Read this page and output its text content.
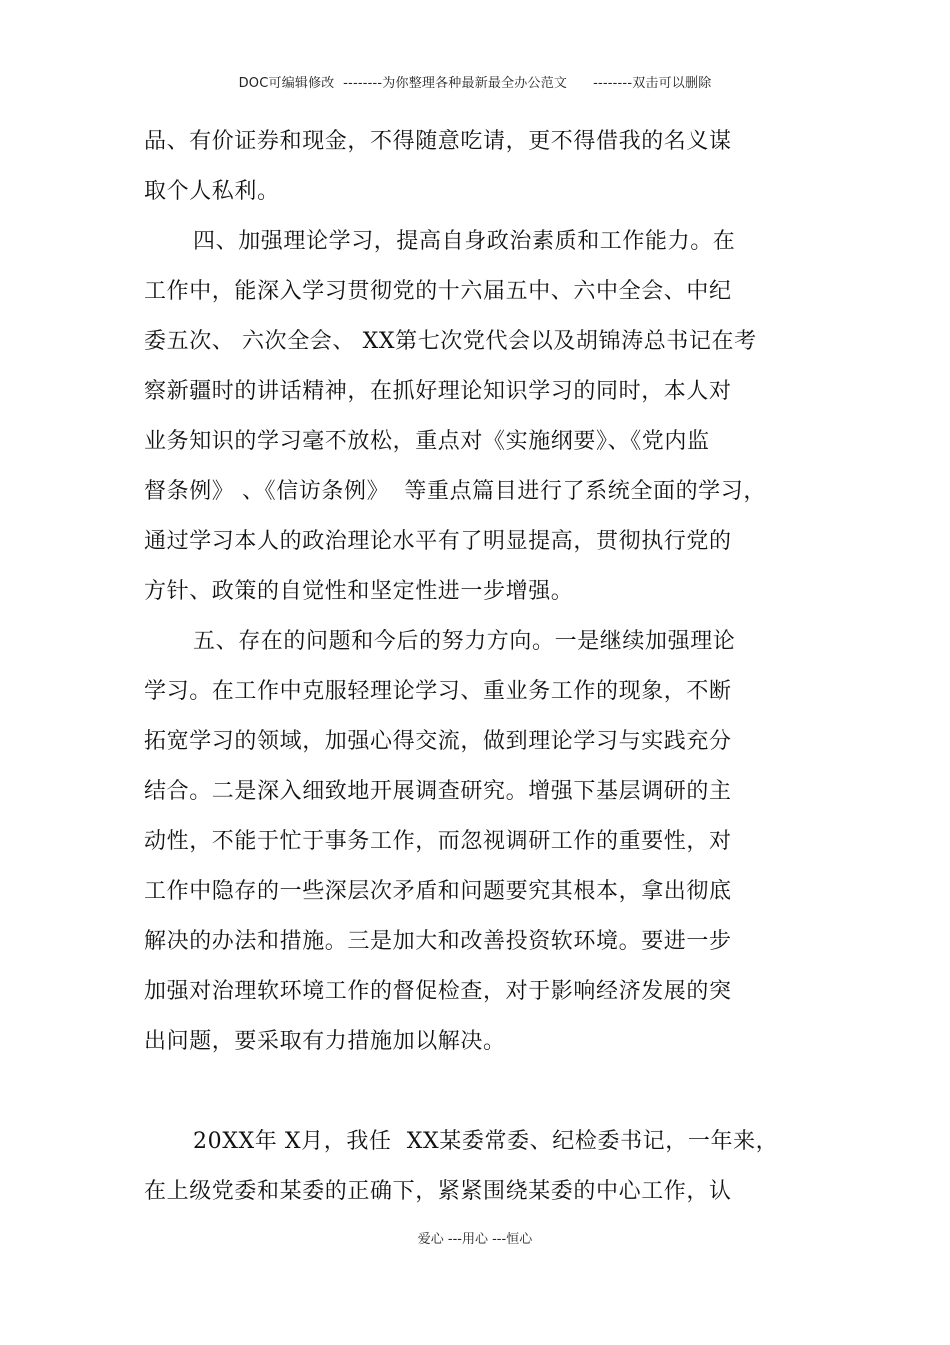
DOC可编辑修改  --------为你整理各种最新最全办公范文      --------双击可以删除
品、有价证券和现金，不得随意吃请，更不得借我的名义谋
取个人私利。
四、加强理论学习，提高自身政治素质和工作能力。在
工作中，能深入学习贯彻党的十六届五中、六中全会、中纪
委五次、 六次全会、 XX第七次党代会以及胡锦涛总书记在考
察新疆时的讲话精神，在抓好理论知识学习的同时，本人对
业务知识的学习毫不放松，重点对《实施纲要》、《党内监
督条例》 、《信访条例》  等重点篇目进行了系统全面的学习，
通过学习本人的政治理论水平有了明显提高，贯彻执行党的
方针、政策的自觉性和坚定性进一步增强。
五、存在的问题和今后的努力方向。一是继续加强理论
学习。在工作中克服轻理论学习、重业务工作的现象，不断
拓宽学习的领域，加强心得交流，做到理论学习与实践充分
结合。二是深入细致地开展调查研究。增强下基层调研的主
动性，不能于忙于事务工作，而忽视调研工作的重要性，对
工作中隐存的一些深层次矛盾和问题要究其根本，拿出彻底
解决的办法和措施。三是加大和改善投资软环境。要进一步
加强对治理软环境工作的督促检查，对于影响经济发展的突
出问题，要采取有力措施加以解决。
20XX年 X月，我任  XX某委常委、纪检委书记，一年来，
在上级党委和某委的正确下，紧紧围绕某委的中心工作，认
爱心 ---用心 ---恒心
